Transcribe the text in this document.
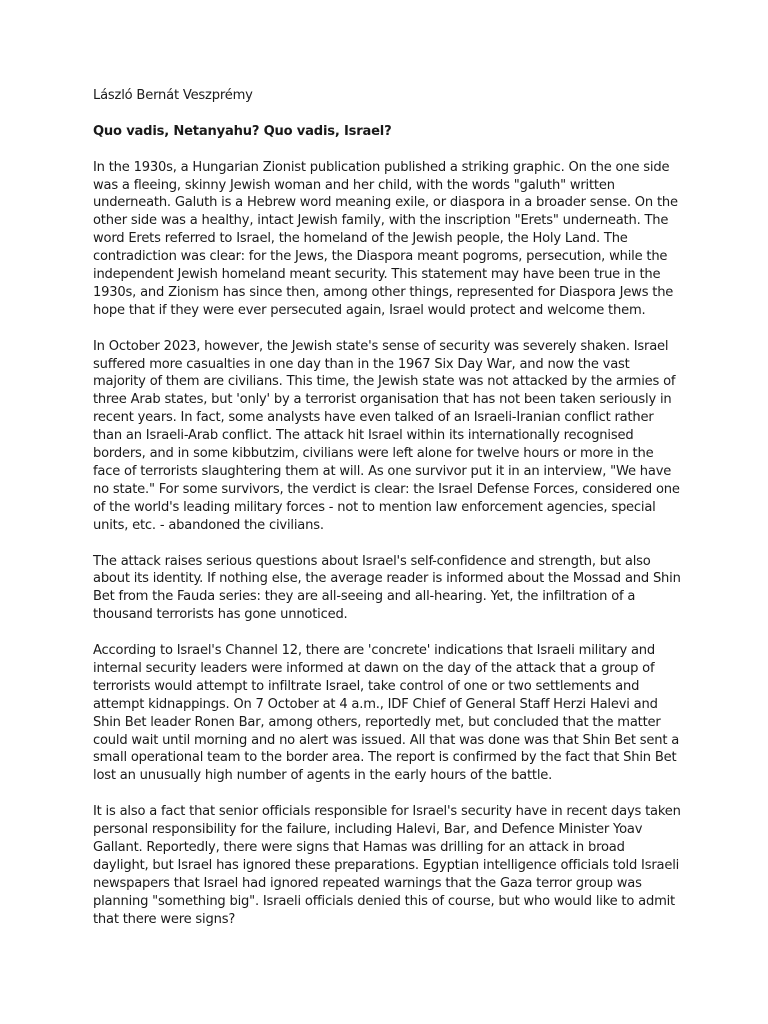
László Bernát Veszprémy

Quo vadis, Netanyahu? Quo vadis, Israel?

In the 1930s, a Hungarian Zionist publication published a striking graphic. On the one side was a fleeing, skinny Jewish woman and her child, with the words "galuth" written underneath. Galuth is a Hebrew word meaning exile, or diaspora in a broader sense. On the other side was a healthy, intact Jewish family, with the inscription "Erets" underneath. The word Erets referred to Israel, the homeland of the Jewish people, the Holy Land. The contradiction was clear: for the Jews, the Diaspora meant pogroms, persecution, while the independent Jewish homeland meant security. This statement may have been true in the 1930s, and Zionism has since then, among other things, represented for Diaspora Jews the hope that if they were ever persecuted again, Israel would protect and welcome them.

In October 2023, however, the Jewish state's sense of security was severely shaken. Israel suffered more casualties in one day than in the 1967 Six Day War, and now the vast majority of them are civilians. This time, the Jewish state was not attacked by the armies of three Arab states, but 'only' by a terrorist organisation that has not been taken seriously in recent years. In fact, some analysts have even talked of an Israeli-Iranian conflict rather than an Israeli-Arab conflict. The attack hit Israel within its internationally recognised borders, and in some kibbutzim, civilians were left alone for twelve hours or more in the face of terrorists slaughtering them at will. As one survivor put it in an interview, "We have no state." For some survivors, the verdict is clear: the Israel Defense Forces, considered one of the world's leading military forces - not to mention law enforcement agencies, special units, etc. - abandoned the civilians.

The attack raises serious questions about Israel's self-confidence and strength, but also about its identity. If nothing else, the average reader is informed about the Mossad and Shin Bet from the Fauda series: they are all-seeing and all-hearing. Yet, the infiltration of a thousand terrorists has gone unnoticed.

According to Israel's Channel 12, there are 'concrete' indications that Israeli military and internal security leaders were informed at dawn on the day of the attack that a group of terrorists would attempt to infiltrate Israel, take control of one or two settlements and attempt kidnappings. On 7 October at 4 a.m., IDF Chief of General Staff Herzi Halevi and Shin Bet leader Ronen Bar, among others, reportedly met, but concluded that the matter could wait until morning and no alert was issued. All that was done was that Shin Bet sent a small operational team to the border area. The report is confirmed by the fact that Shin Bet lost an unusually high number of agents in the early hours of the battle.

It is also a fact that senior officials responsible for Israel's security have in recent days taken personal responsibility for the failure, including Halevi, Bar, and Defence Minister Yoav Gallant. Reportedly, there were signs that Hamas was drilling for an attack in broad daylight, but Israel has ignored these preparations. Egyptian intelligence officials told Israeli newspapers that Israel had ignored repeated warnings that the Gaza terror group was planning "something big". Israeli officials denied this of course, but who would like to admit that there were signs?
